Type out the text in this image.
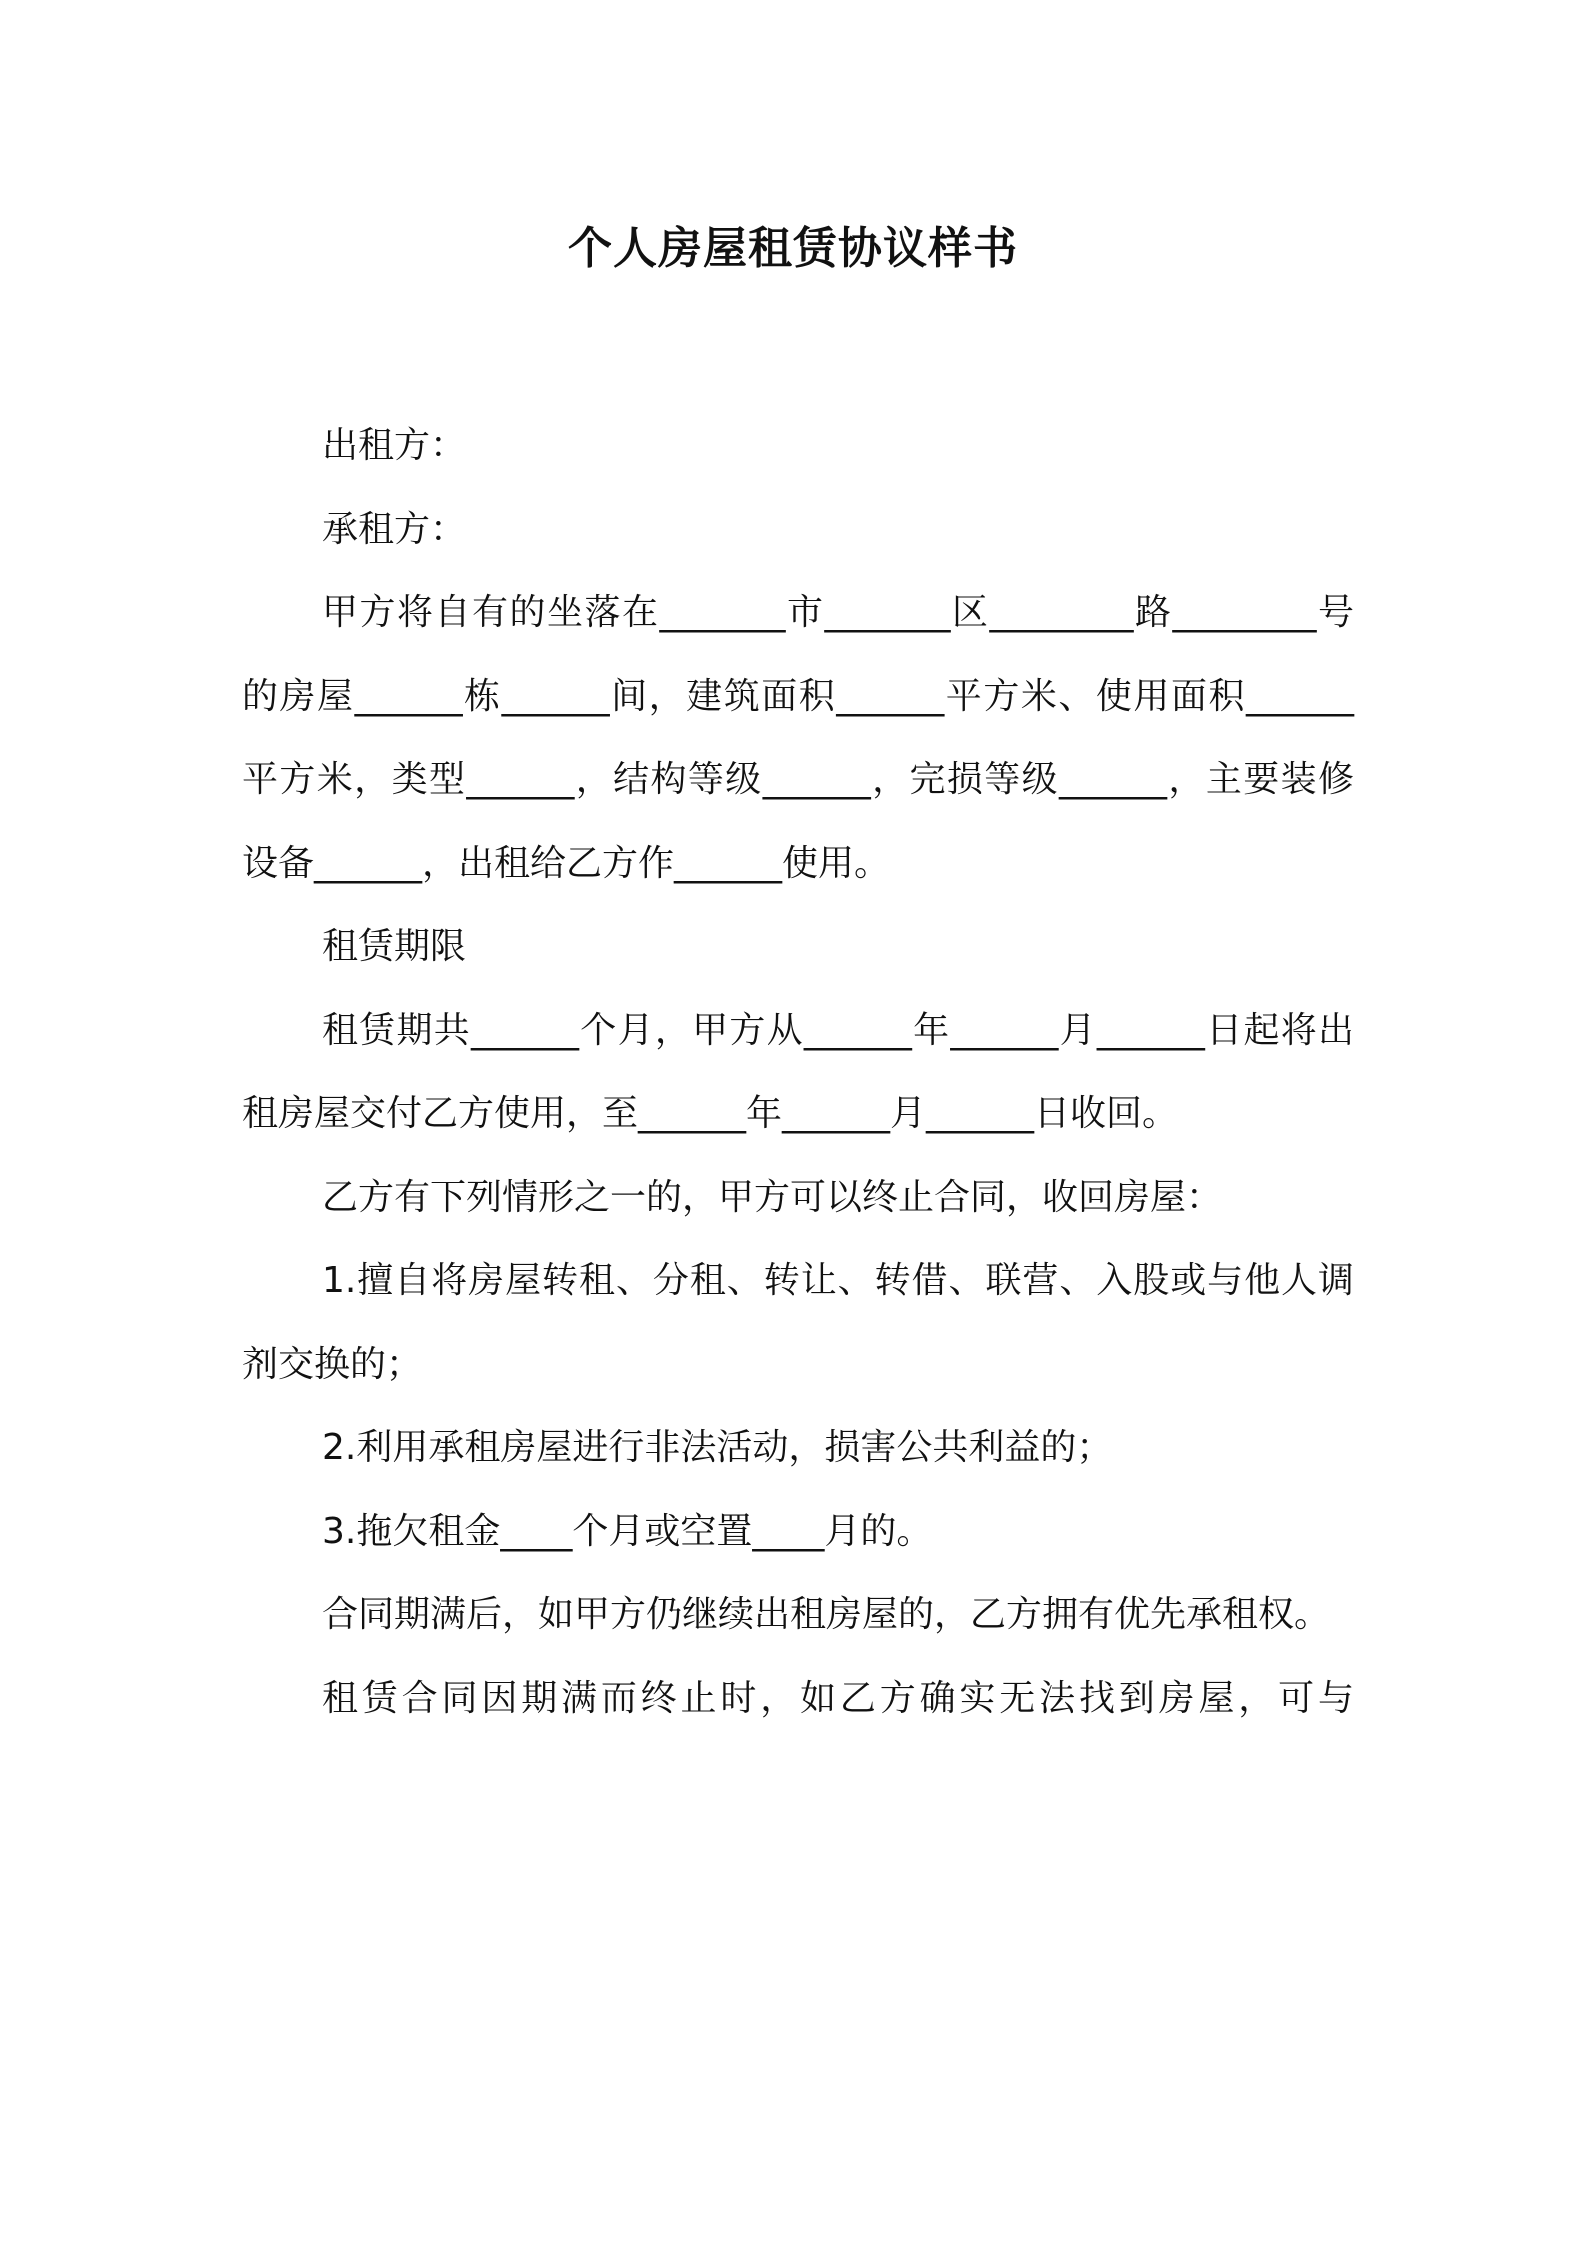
个人房屋租赁协议样书

出租方：

承租方：

甲方将自有的坐落在_______市_______区________路________号的房屋______栋______间，建筑面积______平方米、使用面积______平方米，类型______，结构等级______，完损等级______，主要装修设备______，出租给乙方作______使用。

租赁期限

租赁期共______个月，甲方从______年______月______日起将出租房屋交付乙方使用，至______年______月______日收回。

乙方有下列情形之一的，甲方可以终止合同，收回房屋：

1.擅自将房屋转租、分租、转让、转借、联营、入股或与他人调剂交换的；

2.利用承租房屋进行非法活动，损害公共利益的；

3.拖欠租金____个月或空置____月的。

合同期满后，如甲方仍继续出租房屋的，乙方拥有优先承租权。

租赁合同因期满而终止时，如乙方确实无法找到房屋，可与
